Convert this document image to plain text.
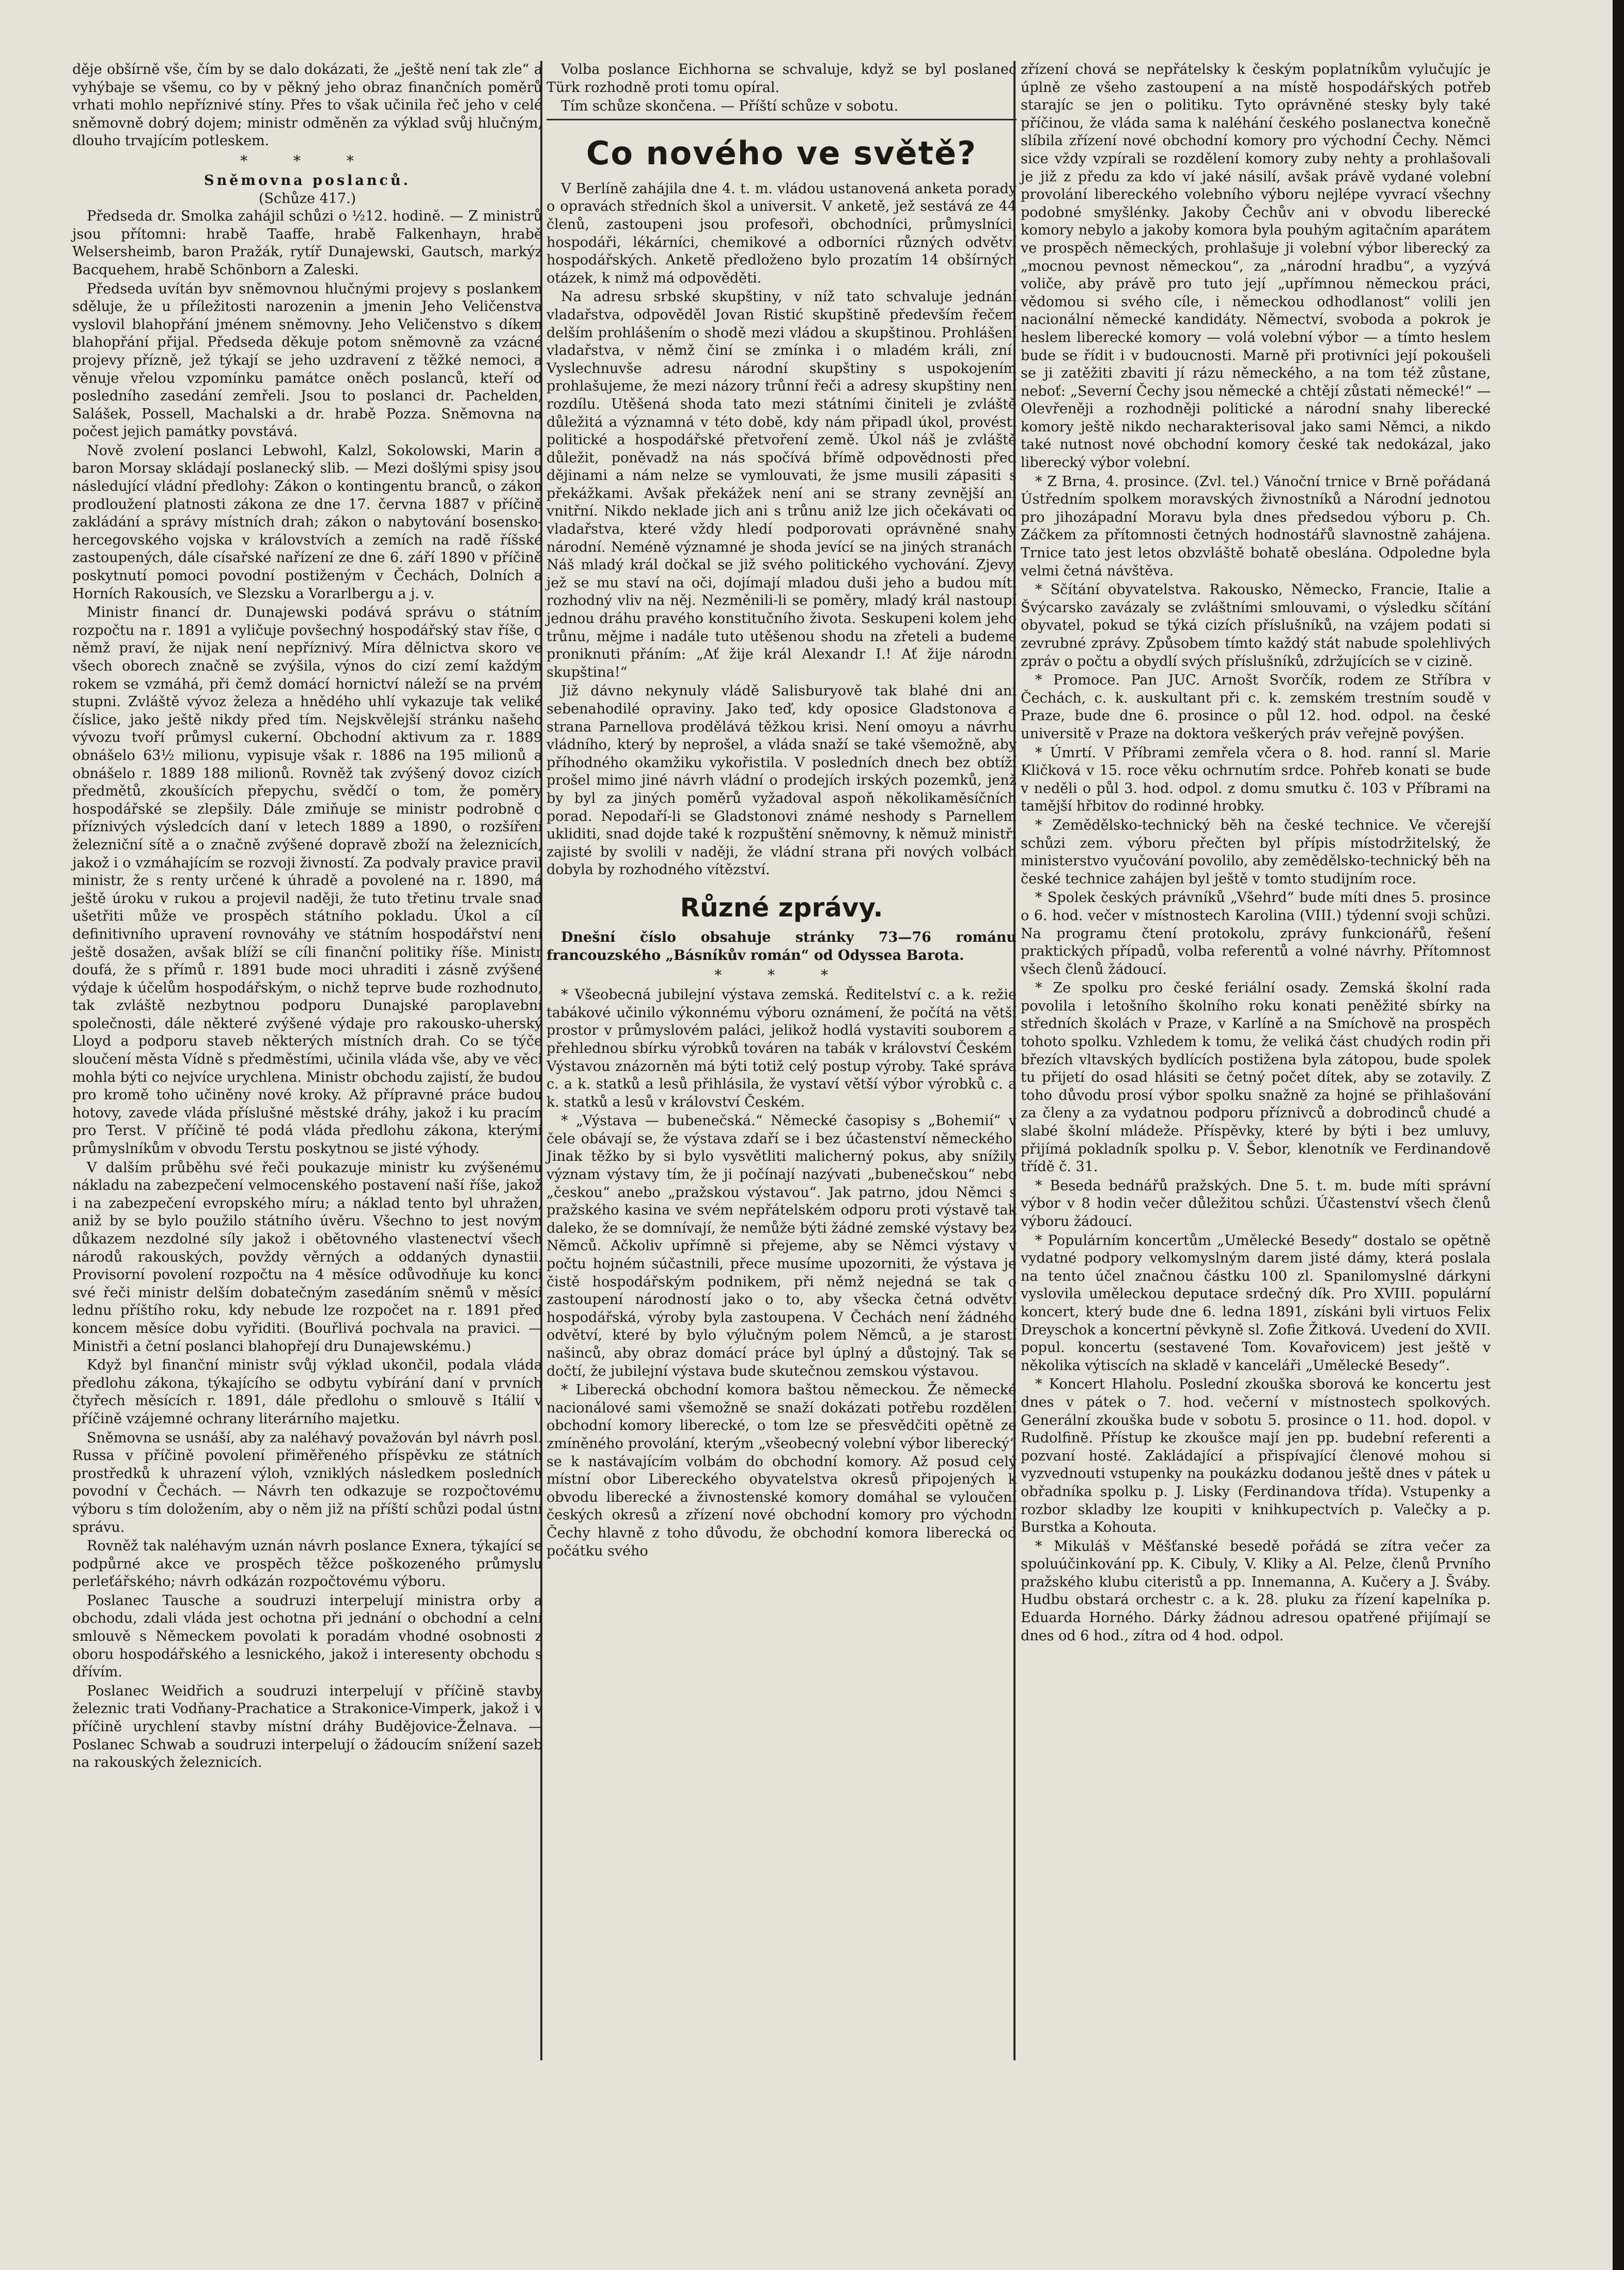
děje obšírně vše, čím by se dalo dokázati, že „ještě není tak zle“ a vyhýbaje se všemu, co by v pěkný jeho obraz finančních poměrů vrhati mohlo nepříznivé stíny. Přes to však učinila řeč jeho v celé sněmovně dobrý dojem; ministr odměněn za výklad svůj hlučným, dlouho trvajícím potleskem.

* * *
Sněmovna poslanců.
(Schůze 417.)

Předseda dr. Smolka zahájil schůzi o ½12. hodině. — Z ministrů jsou přítomni: hrabě Taaffe, hrabě Falkenhayn, hrabě Welsersheimb, baron Pražák, rytíř Dunajewski, Gautsch, markýz Bacquehem, hrabě Schönborn a Zaleski.

Předseda uvítán byv sněmovnou hlučnými projevy s poslankem sděluje, že u příležitosti narozenin a jmenin Jeho Veličenstva vyslovil blahopřání jménem sněmovny. Jeho Veličenstvo s díkem blahopřání přijal. Předseda děkuje potom sněmovně za vzácné projevy přízně, jež týkají se jeho uzdravení z těžké nemoci, a věnuje vřelou vzpomínku památce oněch poslanců, kteří od posledního zasedání zemřeli. Jsou to poslanci dr. Pachelden, Salášek, Possell, Machalski a dr. hrabě Pozza. Sněmovna na počest jejich památky povstává.

Nově zvolení poslanci Lebwohl, Kalzl, Sokolowski, Marin a baron Morsay skládají poslanecký slib. — Mezi došlými spisy jsou následující vládní předlohy: Zákon o kontingentu branců, o zákon prodloužení platnosti zákona ze dne 17. června 1887 v příčině zakládání a správy místních drah; zákon o nabytování bosensko-hercegovského vojska v královstvích a zemích na radě říšské zastoupených, dále císařské nařízení ze dne 6. září 1890 v příčině poskytnutí pomoci povodní postiženým v Čechách, Dolních a Horních Rakousích, ve Slezsku a Vorarlbergu a j. v.

Ministr financí dr. Dunajewski podává správu o státním rozpočtu na r. 1891 a vyličuje povšechný hospodářský stav říše, o němž praví, že nijak není nepříznivý. Míra dělnictva skoro ve všech oborech značně se zvýšila, výnos do cizí zemí každým rokem se vzmáhá, při čemž domácí hornictví náleží se na prvém stupni. Zvláště vývoz železa a hnědého uhlí vykazuje tak veliké číslice, jako ještě nikdy před tím. Nejskvělejší stránku našeho vývozu tvoří průmysl cukerní. Obchodní aktivum za r. 1889 obnášelo 63½ milionu, vypisuje však r. 1886 na 195 milionů a obnášelo r. 1889 188 milionů. Rovněž tak zvýšený dovoz cizích předmětů, zkoušících přepychu, svědčí o tom, že poměry hospodářské se zlepšily. Dále zmiňuje se ministr podrobně o příznivých výsledcích daní v letech 1889 a 1890, o rozšíření železniční sítě a o značně zvýšené dopravě zboží na železnicích, jakož i o vzmáhajícím se rozvoji živností. Za podvaly pravice pravil ministr, že s renty určené k úhradě a povolené na r. 1890, má ještě úroku v rukou a projevil naději, že tuto třetinu trvale snad ušetřiti může ve prospěch státního pokladu. Úkol a cíl definitivního upravení rovnováhy ve státním hospodářství není ještě dosažen, avšak blíží se cíli finanční politiky říše. Ministr doufá, že s přímů r. 1891 bude moci uhraditi i zásně zvýšené výdaje k účelům hospodářským, o nichž teprve bude rozhodnuto, tak zvláště nezbytnou podporu Dunajské paroplavební společnosti, dále některé zvýšené výdaje pro rakousko-uherský Lloyd a podporu staveb některých místních drah. Co se týče sloučení města Vídně s předměstími, učinila vláda vše, aby ve věci mohla býti co nejvíce urychlena. Ministr obchodu zajistí, že budou pro kromě toho učiněny nové kroky. Až přípravné práce budou hotovy, zavede vláda příslušné městské dráhy, jakož i ku pracím pro Terst. V příčině té podá vláda předlohu zákona, kterými průmyslníkům v obvodu Terstu poskytnou se jisté výhody.

V dalším průběhu své řeči poukazuje ministr ku zvýšenému nákladu na zabezpečení velmocenského postavení naší říše, jakož i na zabezpečení evropského míru; a náklad tento byl uhražen, aniž by se bylo použilo státního úvěru. Všechno to jest novým důkazem nezdolné síly jakož i obětovného vlastenectví všech národů rakouských, povždy věrných a oddaných dynastii. Provisorní povolení rozpočtu na 4 měsíce odůvodňuje ku konci své řeči ministr delším dobatečným zasedáním sněmů v měsíci lednu příštího roku, kdy nebude lze rozpočet na r. 1891 před koncem měsíce dobu vyřiditi. (Bouřlivá pochvala na pravici. — Ministři a četní poslanci blahopřejí dru Dunajewskému.)

Když byl finanční ministr svůj výklad ukončil, podala vláda předlohu zákona, týkajícího se odbytu vybírání daní v prvních čtyřech měsících r. 1891, dále předlohu o smlouvě s Itálií v příčině vzájemné ochrany literárního majetku.

Sněmovna se usnáší, aby za naléhavý považován byl návrh posl. Russa v příčině povolení přiměřeného příspěvku ze státních prostředků k uhrazení výloh, vzniklých následkem posledních povodní v Čechách. — Návrh ten odkazuje se rozpočtovému výboru s tím doložením, aby o něm již na příští schůzi podal ústní správu.

Rovněž tak naléhavým uznán návrh poslance Exnera, týkající se podpůrné akce ve prospěch těžce poškozeného průmyslu perleťářského; návrh odkázán rozpočtovému výboru.

Poslanec Tausche a soudruzi interpelují ministra orby a obchodu, zdali vláda jest ochotna při jednání o obchodní a celní smlouvě s Německem povolati k poradám vhodné osobnosti z oboru hospodářského a lesnického, jakož i interesenty obchodu s dřívím.

Poslanec Weidřich a soudruzi interpelují v příčině stavby železnic trati Vodňany-Prachatice a Strakonice-Vimperk, jakož i v příčině urychlení stavby místní dráhy Budějovice-Želnava. — Poslanec Schwab a soudruzi interpelují o žádoucím snížení sazeb na rakouských železnicích.

Volba poslance Eichhorna se schvaluje, když se byl poslanec Türk rozhodně proti tomu opíral.

Tím schůze skončena. — Příští schůze v sobotu.

Co nového ve světě?

V Berlíně zahájila dne 4. t. m. vládou ustanovená anketa porady o opravách středních škol a universit. V anketě, jež sestává ze 44 členů, zastoupeni jsou profesoři, obchodníci, průmyslníci, hospodáři, lékárníci, chemikové a odborníci různých odvětví hospodářských. Anketě předloženo bylo prozatím 14 obšírných otázek, k nimž má odpověděti.

Na adresu srbské skupštiny, v níž tato schvaluje jednání vladařstva, odpověděl Jovan Ristić skupštině především řečem delším prohlášením o shodě mezi vládou a skupštinou. Prohlášení vladařstva, v němž činí se zmínka i o mladém králi, zní: Vyslechnuvše adresu národní skupštiny s uspokojením prohlašujeme, že mezi názory trůnní řeči a adresy skupštiny není rozdílu. Utěšená shoda tato mezi státními činiteli je zvláště důležitá a významná v této době, kdy nám připadl úkol, provésti politické a hospodářské přetvoření země. Úkol náš je zvláště důležit, poněvadž na nás spočívá břímě odpovědnosti před dějinami a nám nelze se vymlouvati, že jsme musili zápasiti s překážkami. Avšak překážek není ani se strany zevnější ani vnitřní. Nikdo neklade jich ani s trůnu aniž lze jich očekávati od vladařstva, které vždy hledí podporovati oprávněné snahy národní. Neméně významné je shoda jevící se na jiných stranách. Náš mladý král dočkal se již svého politického vychování. Zjevy, jež se mu staví na oči, dojímají mladou duši jeho a budou míti rozhodný vliv na něj. Nezměnili-li se poměry, mladý král nastoupí jednou dráhu pravého konstitučního života. Seskupeni kolem jeho trůnu, mějme i nadále tuto utěšenou shodu na zřeteli a budeme proniknuti přáním: „Ať žije král Alexandr I.! Ať žije národní skupština!“

Již dávno nekynuly vládě Salisburyově tak blahé dni ani sebenahodilé opraviny. Jako teď, kdy oposice Gladstonova a strana Parnellova prodělává těžkou krisi. Není omoyu a návrhu vládního, který by neprošel, a vláda snaží se také všemožně, aby příhodného okamžiku vykořistila. V posledních dnech bez obtíží prošel mimo jiné návrh vládní o prodejích irských pozemků, jenž by byl za jiných poměrů vyžadoval aspoň několikaměsíčních porad. Nepodaří-li se Gladstonovi známé neshody s Parnellem ukliditi, snad dojde také k rozpuštění sněmovny, k němuž ministři zajisté by svolili v naději, že vládní strana při nových volbách dobyla by rozhodného vítězství.

Různé zprávy.

Dnešní číslo obsahuje stránky 73—76 románu francouzského „Básníkův román“ od Odyssea Barota.

* * *

* Všeobecná jubilejní výstava zemská. Ředitelství c. a k. režie tabákové učinilo výkonnému výboru oznámení, že počítá na větší prostor v průmyslovém paláci, jelikož hodlá vystaviti souborem a přehlednou sbírku výrobků továren na tabák v království Českém. Výstavou znázorněn má býti totiž celý postup výroby. Také správa c. a k. statků a lesů přihlásila, že vystaví větší výbor výrobků c. a k. statků a lesů v království Českém.

* „Výstava — bubenečská.“ Německé časopisy s „Bohemií“ v čele obávají se, že výstava zdaří se i bez účastenství německého. Jinak těžko by si bylo vysvětliti malicherný pokus, aby snížily význam výstavy tím, že ji počínají nazývati „bubenečskou“ nebo „českou“ anebo „pražskou výstavou“. Jak patrno, jdou Němci s pražského kasina ve svém nepřátelském odporu proti výstavě tak daleko, že se domnívají, že nemůže býti žádné zemské výstavy bez Němců. Ačkoliv upřímně si přejeme, aby se Němci výstavy v počtu hojném súčastnili, přece musíme upozorniti, že výstava je čistě hospodářským podnikem, při němž nejedná se tak o zastoupení národností jako o to, aby všecka četná odvětví hospodářská, výroby byla zastoupena. V Čechách není žádného odvětví, které by bylo výlučným polem Němců, a je starostí našinců, aby obraz domácí práce byl úplný a důstojný. Tak se dočtí, že jubilejní výstava bude skutečnou zemskou výstavou.

* Liberecká obchodní komora baštou německou. Že německé nacionálové sami všemožně se snaží dokázati potřebu rozdělení obchodní komory liberecké, o tom lze se přesvědčiti opětně ze zmíněného provolání, kterým „všeobecný volební výbor liberecký“ se k nastávajícím volbám do obchodní komory. Až posud celý místní obor Libereckého obyvatelstva okresů připojených k obvodu liberecké a živnostenské komory domáhal se vyloučení českých okresů a zřízení nové obchodní komory pro východní Čechy hlavně z toho důvodu, že obchodní komora liberecká od počátku svého

zřízení chová se nepřátelsky k českým poplatníkům vylučujíc je úplně ze všeho zastoupení a na místě hospodářských potřeb starajíc se jen o politiku. Tyto oprávněné stesky byly také příčinou, že vláda sama k naléhání českého poslanectva konečně slíbila zřízení nové obchodní komory pro východní Čechy. Němci sice vždy vzpírali se rozdělení komory zuby nehty a prohlašovali je již z předu za kdo ví jaké násilí, avšak právě vydané volební provolání libereckého volebního výboru nejlépe vyvrací všechny podobné smyšlénky. Jakoby Čechův ani v obvodu liberecké komory nebylo a jakoby komora byla pouhým agitačním aparátem ve prospěch německých, prohlašuje ji volební výbor liberecký za „mocnou pevnost německou“, za „národní hradbu“, a vyzývá voliče, aby právě pro tuto její „upřímnou německou práci, vědomou si svého cíle, i německou odhodlanost“ volili jen nacionální německé kandidáty. Němectví, svoboda a pokrok je heslem liberecké komory — volá volební výbor — a tímto heslem bude se řídit i v budoucnosti. Marně při protivníci její pokoušeli se ji zatěžiti zbaviti jí rázu německého, a na tom též zůstane, neboť: „Severní Čechy jsou německé a chtějí zůstati německé!“ — Olevřeněji a rozhodněji politické a národní snahy liberecké komory ještě nikdo necharakterisoval jako sami Němci, a nikdo také nutnost nové obchodní komory české tak nedokázal, jako liberecký výbor volební.

* Z Brna, 4. prosince. (Zvl. tel.) Vánoční trnice v Brně pořádaná Ústředním spolkem moravských živnostníků a Národní jednotou pro jihozápadní Moravu byla dnes předsedou výboru p. Ch. Záčkem za přítomnosti četných hodnostářů slavnostně zahájena. Trnice tato jest letos obzvláště bohatě obeslána. Odpoledne byla velmi četná návštěva.

* Sčítání obyvatelstva. Rakousko, Německo, Francie, Italie a Švýcarsko zavázaly se zvláštními smlouvami, o výsledku sčítání obyvatel, pokud se týká cizích příslušníků, na vzájem podati si zevrubné zprávy. Způsobem tímto každý stát nabude spolehlivých zpráv o počtu a obydlí svých příslušníků, zdržujících se v cizině.

* Promoce. Pan JUC. Arnošt Svorčík, rodem ze Stříbra v Čechách, c. k. auskultant při c. k. zemském trestním soudě v Praze, bude dne 6. prosince o půl 12. hod. odpol. na české universitě v Praze na doktora veškerých práv veřejně povýšen.

* Úmrtí. V Příbrami zemřela včera o 8. hod. ranní sl. Marie Kličková v 15. roce věku ochrnutím srdce. Pohřeb konati se bude v neděli o půl 3. hod. odpol. z domu smutku č. 103 v Příbrami na tamější hřbitov do rodinné hrobky.

* Zemědělsko-technický běh na české technice. Ve včerejší schůzi zem. výboru přečten byl přípis místodržitelský, že ministerstvo vyučování povolilo, aby zemědělsko-technický běh na české technice zahájen byl ještě v tomto studijním roce.

* Spolek českých právníků „Všehrd“ bude míti dnes 5. prosince o 6. hod. večer v místnostech Karolina (VIII.) týdenní svoji schůzi. Na programu čtení protokolu, zprávy funkcionářů, řešení praktických případů, volba referentů a volné návrhy. Přítomnost všech členů žádoucí.

* Ze spolku pro české feriální osady. Zemská školní rada povolila i letošního školního roku konati peněžité sbírky na středních školách v Praze, v Karlíně a na Smíchově na prospěch tohoto spolku. Vzhledem k tomu, že veliká část chudých rodin při březích vltavských bydlících postižena byla zátopou, bude spolek tu přijetí do osad hlásiti se četný počet dítek, aby se zotavily. Z toho důvodu prosí výbor spolku snažně za hojné se přihlašování za členy a za vydatnou podporu příznivců a dobrodinců chudé a slabé školní mládeže. Příspěvky, které by býti i bez umluvy, přijímá pokladník spolku p. V. Šebor, klenotník ve Ferdinandově třídě č. 31.

* Beseda bednářů pražských. Dne 5. t. m. bude míti správní výbor v 8 hodin večer důležitou schůzi. Účastenství všech členů výboru žádoucí.

* Populárním koncertům „Umělecké Besedy“ dostalo se opětně vydatné podpory velkomyslným darem jisté dámy, která poslala na tento účel značnou částku 100 zl. Spanilomyslné dárkyni vyslovila uměleckou deputace srdečný dík. Pro XVIII. populární koncert, který bude dne 6. ledna 1891, získáni byli virtuos Felix Dreyschok a koncertní pěvkyně sl. Zofie Žitková. Uvedení do XVII. popul. koncertu (sestavené Tom. Kovařovicem) jest ještě v několika výtiscích na skladě v kanceláři „Umělecké Besedy“.

* Koncert Hlaholu. Poslední zkouška sborová ke koncertu jest dnes v pátek o 7. hod. večerní v místnostech spolkových. Generální zkouška bude v sobotu 5. prosince o 11. hod. dopol. v Rudolfině. Přístup ke zkoušce mají jen pp. budební referenti a pozvaní hosté. Zakládající a přispívající členové mohou si vyzvednouti vstupenky na poukázku dodanou ještě dnes v pátek u obřadníka spolku p. J. Lisky (Ferdinandova třída). Vstupenky a rozbor skladby lze koupiti v knihkupectvích p. Valečky a p. Burstka a Kohouta.

* Mikuláš v Měšťanské besedě pořádá se zítra večer za spoluúčinkování pp. K. Cibuly, V. Kliky a Al. Pelze, členů Prvního pražského klubu citeristů a pp. Innemanna, A. Kučery a J. Šváby. Hudbu obstará orchestr c. a k. 28. pluku za řízení kapelníka p. Eduarda Horného. Dárky žádnou adresou opatřené přijímají se dnes od 6 hod., zítra od 4 hod. odpol.
